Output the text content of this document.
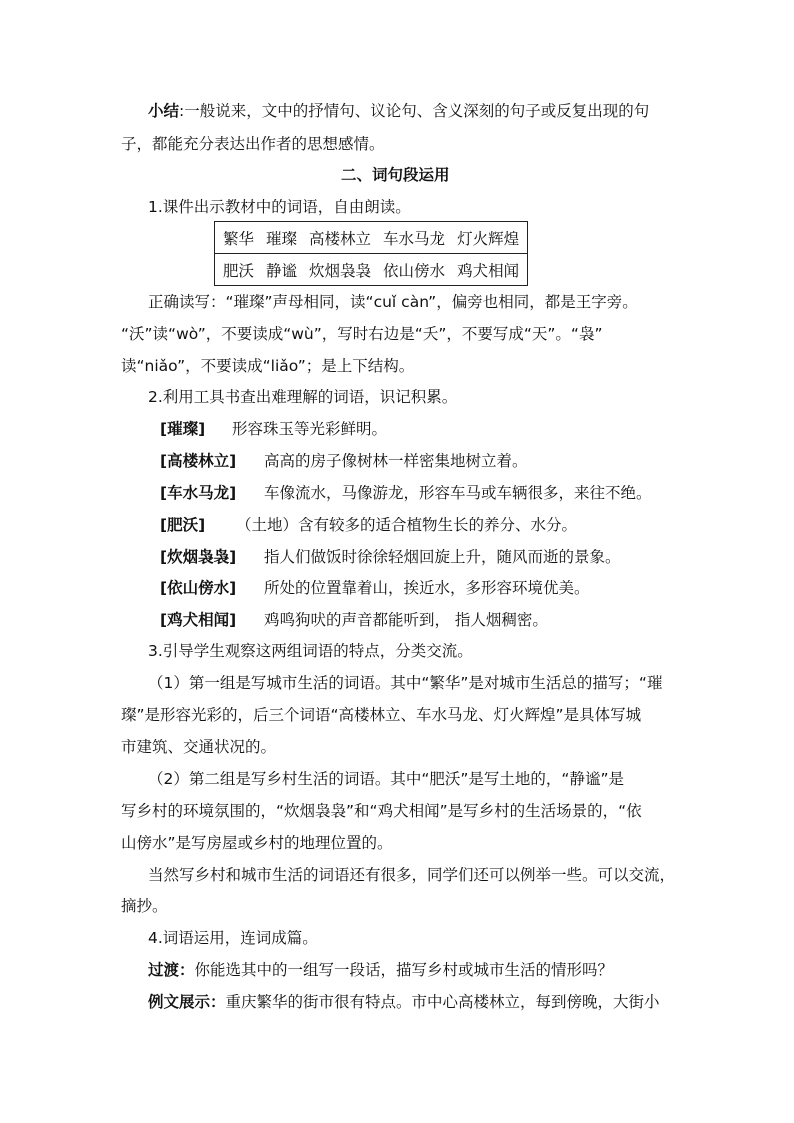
小结:一般说来，文中的抒情句、议论句、含义深刻的句子或反复出现的句
子，都能充分表达出作者的思想感情。
二、词句段运用
1.课件出示教材中的词语，自由朗读。
繁华 璀璨 高楼林立 车水马龙 灯火辉煌
肥沃 静谧 炊烟袅袅 依山傍水 鸡犬相闻
正确读写：“璀璨”声母相同，读“cuǐ càn”，偏旁也相同，都是王字旁。
“沃”读“wò”，不要读成“wù”，写时右边是“夭”，不要写成“天”。“袅”
读“niǎo”，不要读成“liǎo”；是上下结构。
2.利用工具书查出难理解的词语，识记积累。
[璀璨] 形容珠玉等光彩鲜明。
[高楼林立] 高高的房子像树林一样密集地树立着。
[车水马龙] 车像流水，马像游龙，形容车马或车辆很多，来往不绝。
[肥沃] （土地）含有较多的适合植物生长的养分、水分。
[炊烟袅袅] 指人们做饭时徐徐轻烟回旋上升，随风而逝的景象。
[依山傍水] 所处的位置靠着山，挨近水，多形容环境优美。
[鸡犬相闻] 鸡鸣狗吠的声音都能听到， 指人烟稠密。
3.引导学生观察这两组词语的特点，分类交流。
（1）第一组是写城市生活的词语。其中“繁华”是对城市生活总的描写；“璀
璨”是形容光彩的，后三个词语“高楼林立、车水马龙、灯火辉煌”是具体写城
市建筑、交通状况的。
（2）第二组是写乡村生活的词语。其中“肥沃”是写土地的，“静谧”是
写乡村的环境氛围的，“炊烟袅袅”和“鸡犬相闻”是写乡村的生活场景的，“依
山傍水”是写房屋或乡村的地理位置的。
当然写乡村和城市生活的词语还有很多，同学们还可以例举一些。可以交流，
摘抄。
4.词语运用，连词成篇。
过渡：你能选其中的一组写一段话，描写乡村或城市生活的情形吗？
例文展示：重庆繁华的街市很有特点。市中心高楼林立，每到傍晚，大街小
